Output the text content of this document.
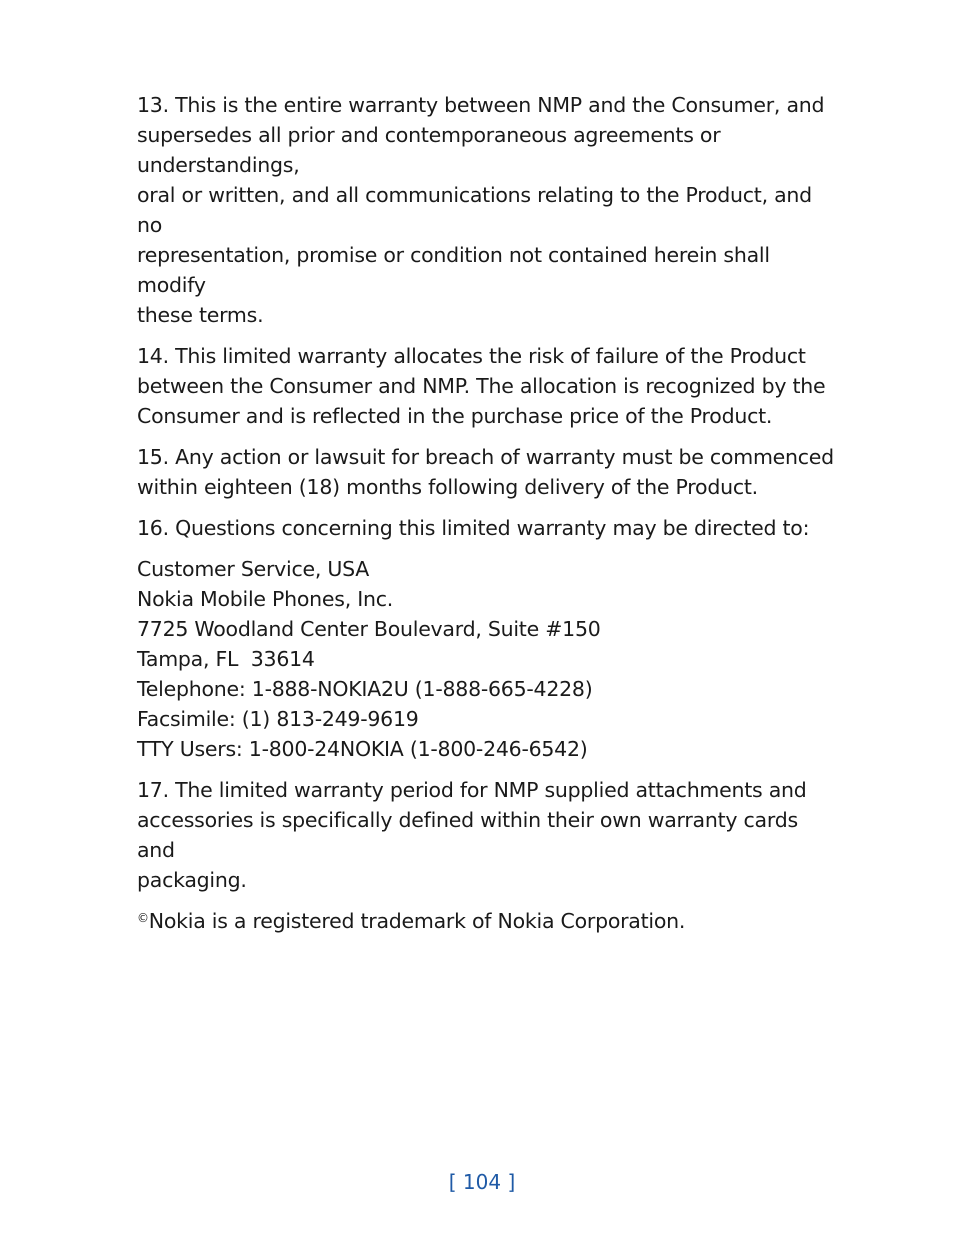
13. This is the entire warranty between NMP and the Consumer, and
supersedes all prior and contemporaneous agreements or understandings,
oral or written, and all communications relating to the Product, and no
representation, promise or condition not contained herein shall modify
these terms.

14. This limited warranty allocates the risk of failure of the Product
between the Consumer and NMP. The allocation is recognized by the
Consumer and is reflected in the purchase price of the Product.

15. Any action or lawsuit for breach of warranty must be commenced
within eighteen (18) months following delivery of the Product.

16. Questions concerning this limited warranty may be directed to:

Customer Service, USA
Nokia Mobile Phones, Inc.
7725 Woodland Center Boulevard, Suite #150
Tampa, FL  33614
Telephone: 1-888-NOKIA2U (1-888-665-4228)
Facsimile: (1) 813-249-9619
TTY Users: 1-800-24NOKIA (1-800-246-6542)

17. The limited warranty period for NMP supplied attachments and
accessories is specifically defined within their own warranty cards and
packaging.

©Nokia is a registered trademark of Nokia Corporation.

[ 104 ]
